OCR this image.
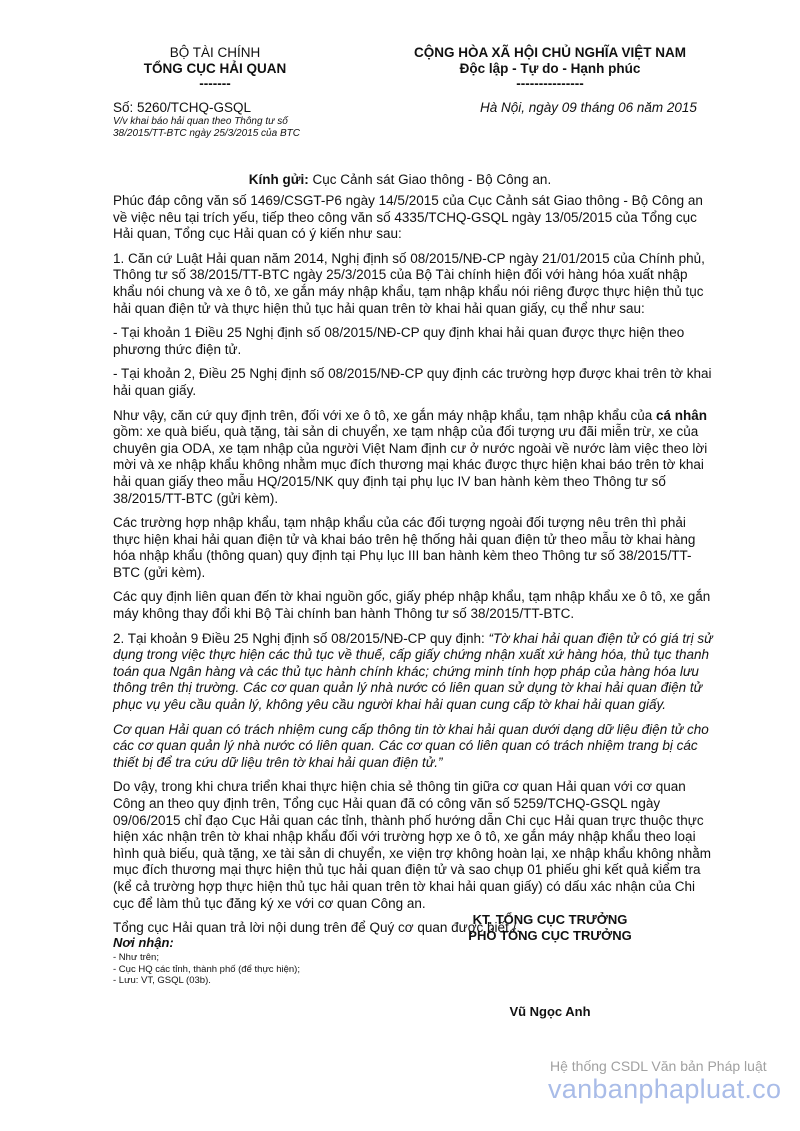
BỘ TÀI CHÍNH
TỔNG CỤC HẢI QUAN
-------
CỘNG HÒA XÃ HỘI CHỦ NGHĨA VIỆT NAM
Độc lập - Tự do - Hạnh phúc
---------------
Số: 5260/TCHQ-GSQL
V/v khai báo hải quan theo Thông tư số
38/2015/TT-BTC ngày 25/3/2015 của BTC
Hà Nội, ngày 09 tháng 06 năm 2015
Kính gửi: Cục Cảnh sát Giao thông - Bộ Công an.

Phúc đáp công văn số 1469/CSGT-P6 ngày 14/5/2015 của Cục Cảnh sát Giao thông - Bộ Công an về việc nêu tại trích yếu, tiếp theo công văn số 4335/TCHQ-GSQL ngày 13/05/2015 của Tổng cục Hải quan, Tổng cục Hải quan có ý kiến như sau:

1. Căn cứ Luật Hải quan năm 2014, Nghị định số 08/2015/NĐ-CP ngày 21/01/2015 của Chính phủ, Thông tư số 38/2015/TT-BTC ngày 25/3/2015 của Bộ Tài chính hiện đối với hàng hóa xuất nhập khẩu nói chung và xe ô tô, xe gắn máy nhập khẩu, tạm nhập khẩu nói riêng được thực hiện thủ tục hải quan điện tử và thực hiện thủ tục hải quan trên tờ khai hải quan giấy, cụ thể như sau:

- Tại khoản 1 Điều 25 Nghị định số 08/2015/NĐ-CP quy định khai hải quan được thực hiện theo phương thức điện tử.

- Tại khoản 2, Điều 25 Nghị định số 08/2015/NĐ-CP quy định các trường hợp được khai trên tờ khai hải quan giấy.

Như vậy, căn cứ quy định trên, đối với xe ô tô, xe gắn máy nhập khẩu, tạm nhập khẩu của cá nhân gồm: xe quà biếu, quà tặng, tài sản di chuyển, xe tạm nhập của đối tượng ưu đãi miễn trừ, xe của chuyên gia ODA, xe tạm nhập của người Việt Nam định cư ở nước ngoài về nước làm việc theo lời mời và xe nhập khẩu không nhằm mục đích thương mại khác được thực hiện khai báo trên tờ khai hải quan giấy theo mẫu HQ/2015/NK quy định tại phụ lục IV ban hành kèm theo Thông tư số 38/2015/TT-BTC (gửi kèm).

Các trường hợp nhập khẩu, tạm nhập khẩu của các đối tượng ngoài đối tượng nêu trên thì phải thực hiện khai hải quan điện tử và khai báo trên hệ thống hải quan điện tử theo mẫu tờ khai hàng hóa nhập khẩu (thông quan) quy định tại Phụ lục III ban hành kèm theo Thông tư số 38/2015/TT-BTC (gửi kèm).

Các quy định liên quan đến tờ khai nguồn gốc, giấy phép nhập khẩu, tạm nhập khẩu xe ô tô, xe gắn máy không thay đổi khi Bộ Tài chính ban hành Thông tư số 38/2015/TT-BTC.

2. Tại khoản 9 Điều 25 Nghị định số 08/2015/NĐ-CP quy định: “Tờ khai hải quan điện tử có giá trị sử dụng trong việc thực hiện các thủ tục về thuế, cấp giấy chứng nhận xuất xứ hàng hóa, thủ tục thanh toán qua Ngân hàng và các thủ tục hành chính khác; chứng minh tính hợp pháp của hàng hóa lưu thông trên thị trường. Các cơ quan quản lý nhà nước có liên quan sử dụng tờ khai hải quan điện tử phục vụ yêu cầu quản lý, không yêu cầu người khai hải quan cung cấp tờ khai hải quan giấy.

Cơ quan Hải quan có trách nhiệm cung cấp thông tin tờ khai hải quan dưới dạng dữ liệu điện tử cho các cơ quan quản lý nhà nước có liên quan. Các cơ quan có liên quan có trách nhiệm trang bị các thiết bị để tra cứu dữ liệu trên tờ khai hải quan điện tử.”

Do vậy, trong khi chưa triển khai thực hiện chia sẻ thông tin giữa cơ quan Hải quan với cơ quan Công an theo quy định trên, Tổng cục Hải quan đã có công văn số 5259/TCHQ-GSQL ngày 09/06/2015 chỉ đạo Cục Hải quan các tỉnh, thành phố hướng dẫn Chi cục Hải quan trực thuộc thực hiện xác nhận trên tờ khai nhập khẩu đối với trường hợp xe ô tô, xe gắn máy nhập khẩu theo loại hình quà biếu, quà tặng, xe tài sản di chuyển, xe viện trợ không hoàn lại, xe nhập khẩu không nhằm mục đích thương mại thực hiện thủ tục hải quan điện tử và sao chụp 01 phiếu ghi kết quả kiểm tra (kể cả trường hợp thực hiện thủ tục hải quan trên tờ khai hải quan giấy) có dấu xác nhận của Chi cục để làm thủ tục đăng ký xe với cơ quan Công an.

Tổng cục Hải quan trả lời nội dung trên để Quý cơ quan được biết./.

KT. TỔNG CỤC TRƯỞNG
PHÓ TỔNG CỤC TRƯỞNG
Nơi nhận:
- Như trên;
- Cục HQ các tỉnh, thành phố (để thực hiện);
- Lưu: VT, GSQL (03b).
Vũ Ngọc Anh
Hệ thống CSDL Văn bản Pháp luật
vanbanphapluat.co
